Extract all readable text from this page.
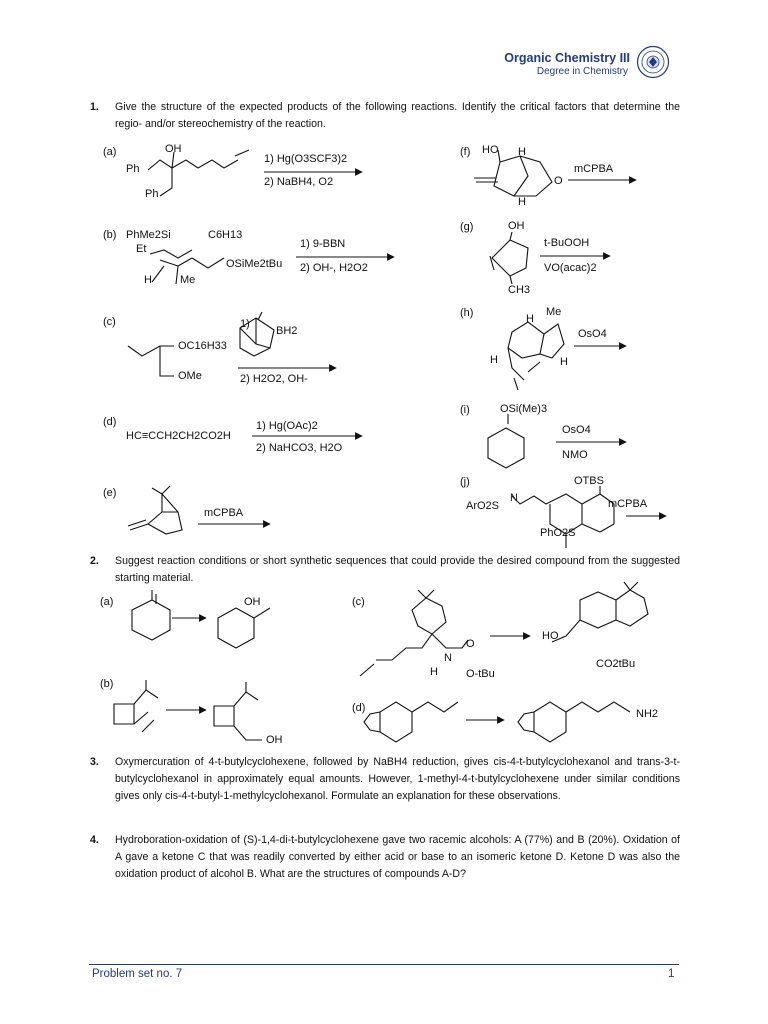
Organic Chemistry III
Degree in Chemistry
1. Give the structure of the expected products of the following reactions. Identify the critical factors that determine the regio- and/or stereochemistry of the reaction.
2. Suggest reaction conditions or short synthetic sequences that could provide the desired compound from the suggested starting material.
3. Oxymercuration of 4-t-butylcyclohexene, followed by NaBH4 reduction, gives cis-4-t-butylcyclohexanol and trans-3-t-butylcyclohexanol in approximately equal amounts. However, 1-methyl-4-t-butylcyclohexene under similar conditions gives only cis-4-t-butyl-1-methylcyclohexanol. Formulate an explanation for these observations.
4. Hydroboration-oxidation of (S)-1,4-di-t-butylcyclohexene gave two racemic alcohols: A (77%) and B (20%). Oxidation of A gave a ketone C that was readily converted by either acid or base to an isomeric ketone D. Ketone D was also the oxidation product of alcohol B. What are the structures of compounds A-D?
(a)	OH
Ph
Ph
1) Hg(O3SCF3)2
2) NaBH4, O2
(b) PhMe2Si	C6H13
Et
H	Me
OSiMe2tBu
1) 9-BBN
2) OH-, H2O2
(c)
OC16H33
OMe
1)
BH2
2) H2O2, OH-
(d)
HC≡CCH2CH2CO2H
1) Hg(OAc)2
2) NaHCO3, H2O
(e)
mCPBA
(f) HO H
H
O
mCPBA
(g)	OH
CH3
t-BuOOH
VO(acac)2
(h)	Me
H
H	H
OsO4
(i)	OSi(Me)3
OsO4
NMO
(j)	OTBS
ArO2S
N
PhO2S
mCPBA
(a)	OH
(b)
OH
(c)
N
H
O
O-tBu
HO
CO2tBu
(d)	NH2
Problem set no. 7	1
